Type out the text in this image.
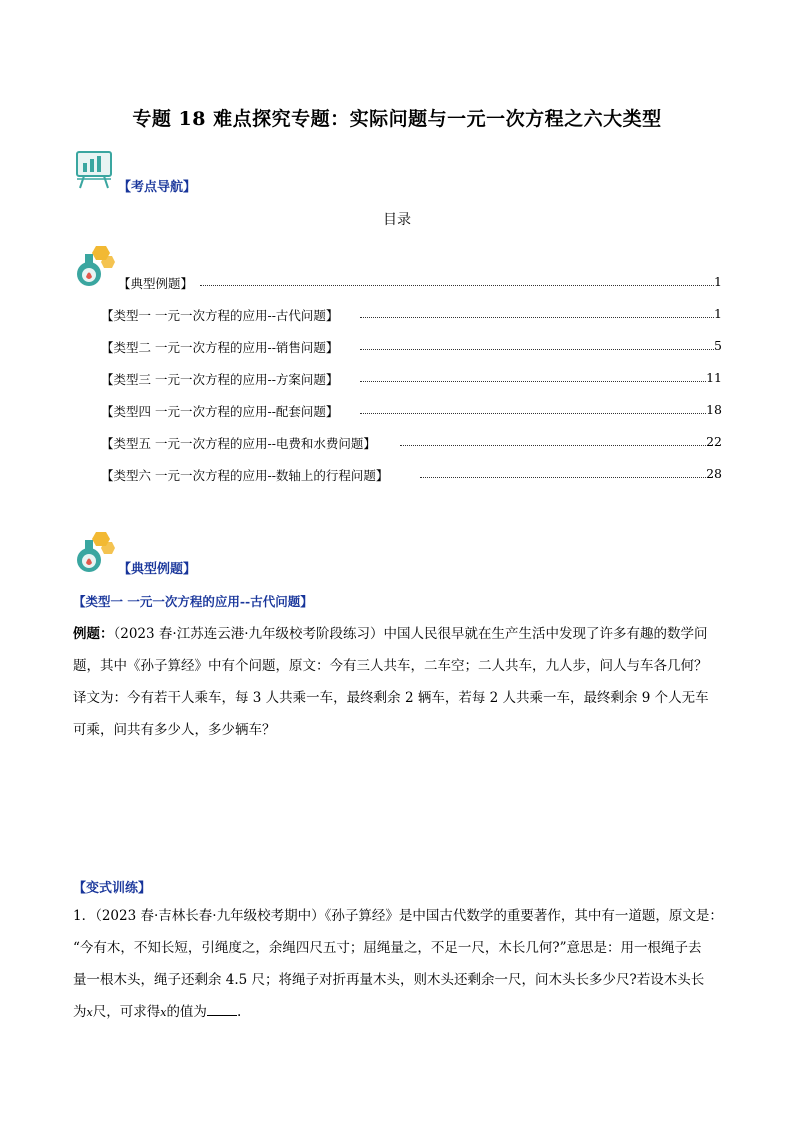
专题 18 难点探究专题：实际问题与一元一次方程之六大类型
【考点导航】
目录
【典型例题】	1
【类型一 一元一次方程的应用--古代问题】	1
【类型二 一元一次方程的应用--销售问题】	5
【类型三 一元一次方程的应用--方案问题】	11
【类型四 一元一次方程的应用--配套问题】	18
【类型五 一元一次方程的应用--电费和水费问题】	22
【类型六 一元一次方程的应用--数轴上的行程问题】	28
【典型例题】
【类型一 一元一次方程的应用--古代问题】
例题：（2023 春·江苏连云港·九年级校考阶段练习）中国人民很早就在生产生活中发现了许多有趣的数学问
题，其中《孙子算经》中有个问题，原文：今有三人共车，二车空；二人共车，九人步，问人与车各几何？
译文为：今有若干人乘车，每 3 人共乘一车，最终剩余 2 辆车，若每 2 人共乘一车，最终剩余 9 个人无车
可乘，问共有多少人，多少辆车？
【变式训练】
1．（2023 春·吉林长春·九年级校考期中）《孙子算经》是中国古代数学的重要著作，其中有一道题，原文是：
“今有木，不知长短，引绳度之，余绳四尺五寸；屈绳量之，不足一尺，木长几何?”意思是：用一根绳子去
量一根木头，绳子还剩余 4.5 尺；将绳子对折再量木头，则木头还剩余一尺，问木头长多少尺?若设木头长
为x尺，可求得x的值为 .
